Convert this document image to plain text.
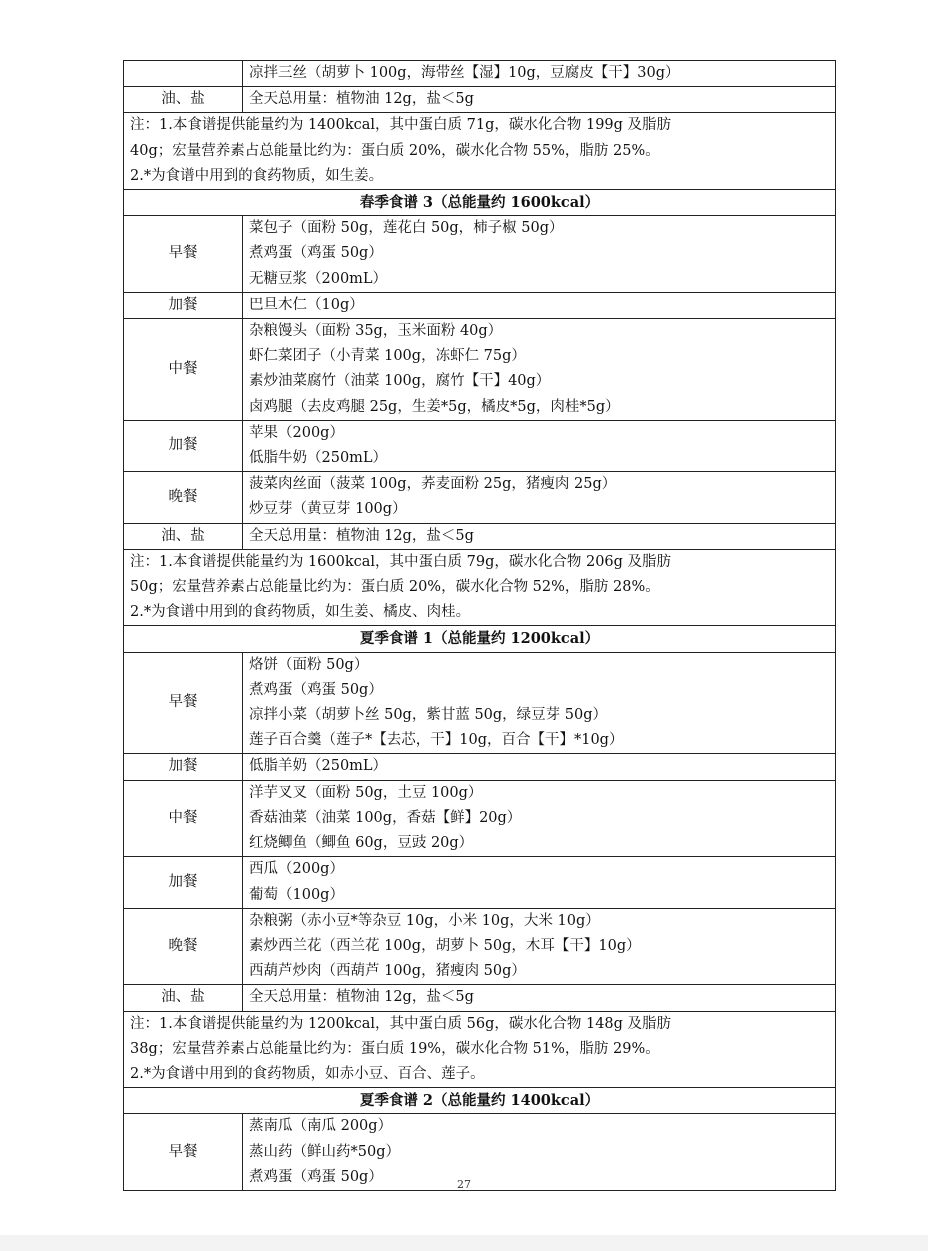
	凉拌三丝（胡萝卜 100g，海带丝【湿】10g，豆腐皮【干】30g）

油、盐	全天总用量：植物油 12g，盐＜5g

注：1.本食谱提供能量约为 1400kcal，其中蛋白质 71g，碳水化合物 199g 及脂肪
40g；宏量营养素占总能量比约为：蛋白质 20%，碳水化合物 55%，脂肪 25%。
2.*为食谱中用到的食药物质，如生姜。	

春季食谱 3（总能量约 1600kcal）	
早餐	菜包子（面粉 50g，莲花白 50g，柿子椒 50g）
煮鸡蛋（鸡蛋 50g）
无糖豆浆（200mL）

加餐	巴旦木仁（10g）

中餐	杂粮馒头（面粉 35g，玉米面粉 40g）
虾仁菜团子（小青菜 100g，冻虾仁 75g）
素炒油菜腐竹（油菜 100g，腐竹【干】40g）
卤鸡腿（去皮鸡腿 25g，生姜*5g，橘皮*5g，肉桂*5g）

加餐	苹果（200g）
低脂牛奶（250mL）

晚餐	菠菜肉丝面（菠菜 100g，荞麦面粉 25g，猪瘦肉 25g）
炒豆芽（黄豆芽 100g）

油、盐	全天总用量：植物油 12g，盐＜5g

注：1.本食谱提供能量约为 1600kcal，其中蛋白质 79g，碳水化合物 206g 及脂肪
50g；宏量营养素占总能量比约为：蛋白质 20%，碳水化合物 52%，脂肪 28%。
2.*为食谱中用到的食药物质，如生姜、橘皮、肉桂。	

夏季食谱 1（总能量约 1200kcal）	
早餐	烙饼（面粉 50g）
煮鸡蛋（鸡蛋 50g）
凉拌小菜（胡萝卜丝 50g，紫甘蓝 50g，绿豆芽 50g）
莲子百合羹（莲子*【去芯，干】10g，百合【干】*10g）

加餐	低脂羊奶（250mL）

中餐	洋芋叉叉（面粉 50g，土豆 100g）
香菇油菜（油菜 100g，香菇【鲜】20g）
红烧鲫鱼（鲫鱼 60g，豆豉 20g）

加餐	西瓜（200g）
葡萄（100g）

晚餐	杂粮粥（赤小豆*等杂豆 10g，小米 10g，大米 10g）
素炒西兰花（西兰花 100g，胡萝卜 50g，木耳【干】10g）
西葫芦炒肉（西葫芦 100g，猪瘦肉 50g）

油、盐	全天总用量：植物油 12g，盐＜5g

注：1.本食谱提供能量约为 1200kcal，其中蛋白质 56g，碳水化合物 148g 及脂肪
38g；宏量营养素占总能量比约为：蛋白质 19%，碳水化合物 51%，脂肪 29%。
2.*为食谱中用到的食药物质，如赤小豆、百合、莲子。	

夏季食谱 2（总能量约 1400kcal）	
早餐	蒸南瓜（南瓜 200g）
蒸山药（鲜山药*50g）
煮鸡蛋（鸡蛋 50g）	27
